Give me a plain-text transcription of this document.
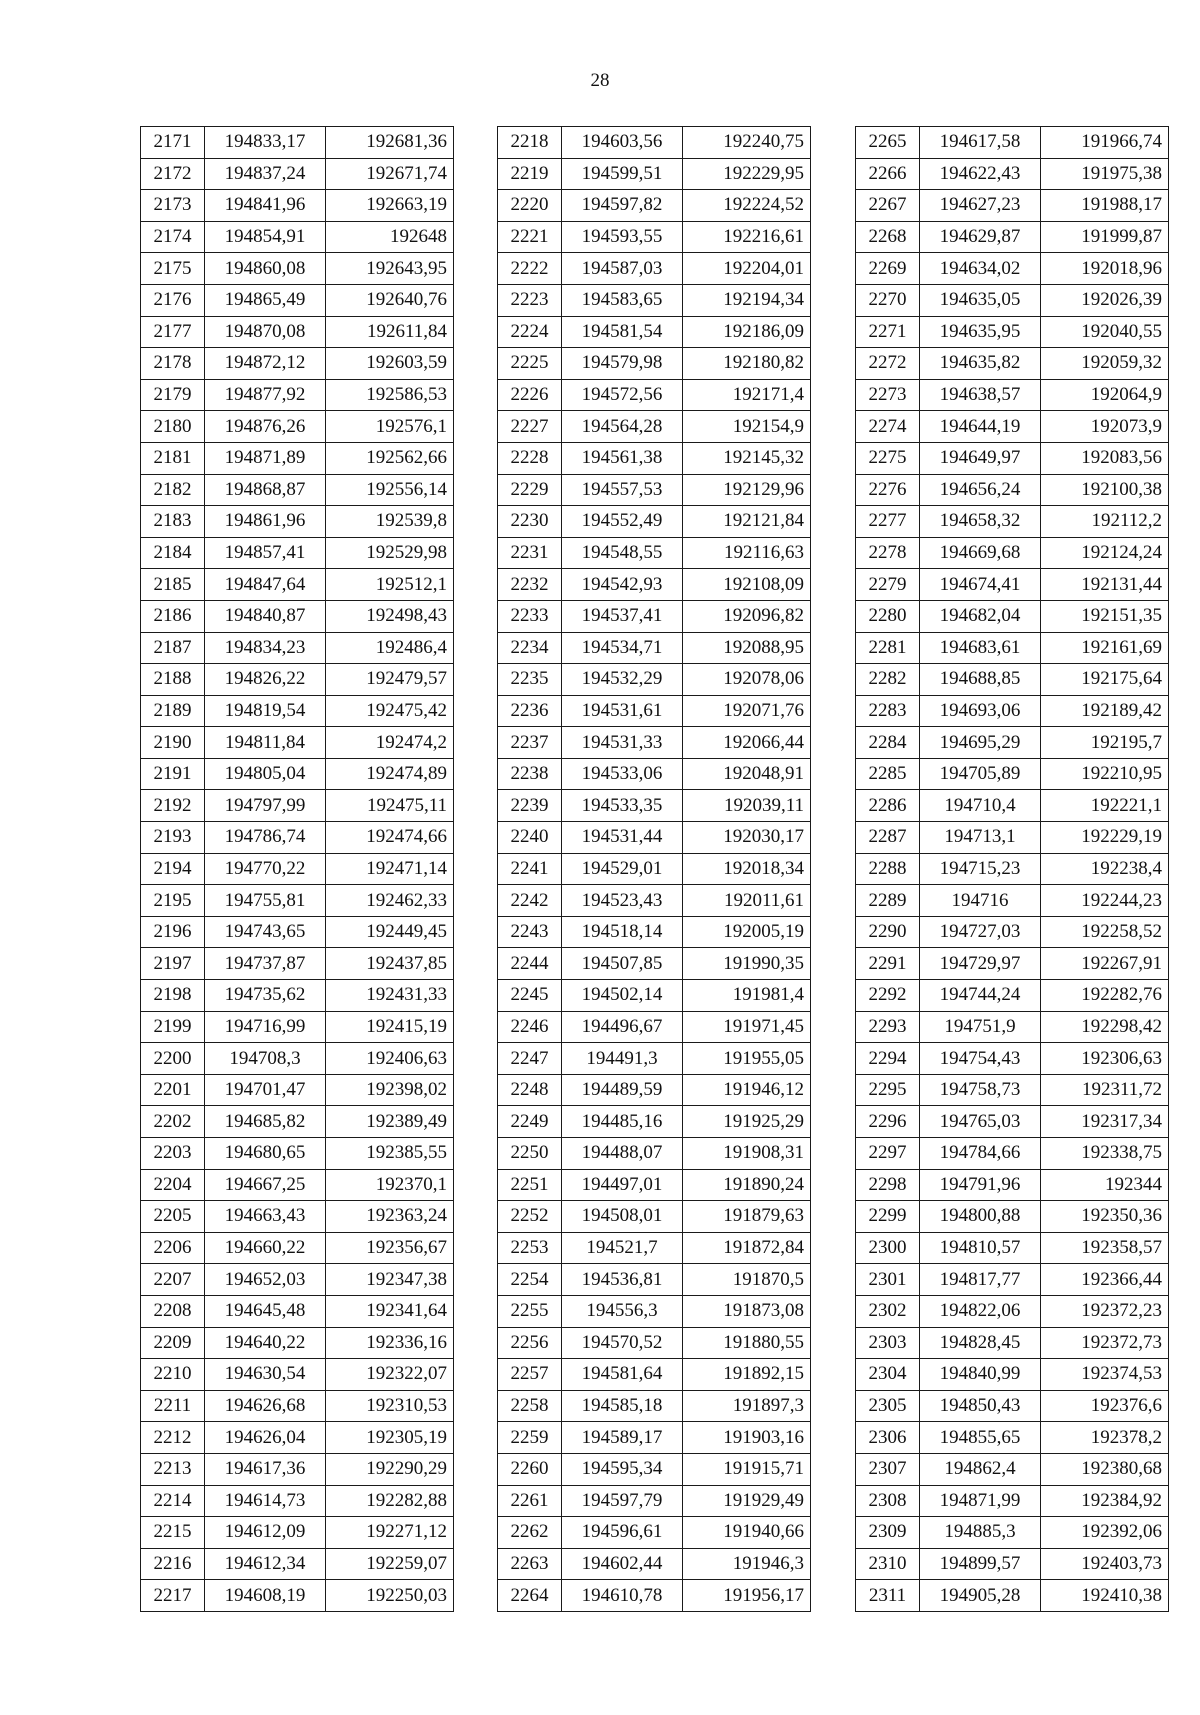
28
2171	194833,17	192681,36
2172	194837,24	192671,74
2173	194841,96	192663,19
2174	194854,91	192648
2175	194860,08	192643,95
2176	194865,49	192640,76
2177	194870,08	192611,84
2178	194872,12	192603,59
2179	194877,92	192586,53
2180	194876,26	192576,1
2181	194871,89	192562,66
2182	194868,87	192556,14
2183	194861,96	192539,8
2184	194857,41	192529,98
2185	194847,64	192512,1
2186	194840,87	192498,43
2187	194834,23	192486,4
2188	194826,22	192479,57
2189	194819,54	192475,42
2190	194811,84	192474,2
2191	194805,04	192474,89
2192	194797,99	192475,11
2193	194786,74	192474,66
2194	194770,22	192471,14
2195	194755,81	192462,33
2196	194743,65	192449,45
2197	194737,87	192437,85
2198	194735,62	192431,33
2199	194716,99	192415,19
2200	194708,3	192406,63
2201	194701,47	192398,02
2202	194685,82	192389,49
2203	194680,65	192385,55
2204	194667,25	192370,1
2205	194663,43	192363,24
2206	194660,22	192356,67
2207	194652,03	192347,38
2208	194645,48	192341,64
2209	194640,22	192336,16
2210	194630,54	192322,07
2211	194626,68	192310,53
2212	194626,04	192305,19
2213	194617,36	192290,29
2214	194614,73	192282,88
2215	194612,09	192271,12
2216	194612,34	192259,07
2217	194608,19	192250,03
2218	194603,56	192240,75
2219	194599,51	192229,95
2220	194597,82	192224,52
2221	194593,55	192216,61
2222	194587,03	192204,01
2223	194583,65	192194,34
2224	194581,54	192186,09
2225	194579,98	192180,82
2226	194572,56	192171,4
2227	194564,28	192154,9
2228	194561,38	192145,32
2229	194557,53	192129,96
2230	194552,49	192121,84
2231	194548,55	192116,63
2232	194542,93	192108,09
2233	194537,41	192096,82
2234	194534,71	192088,95
2235	194532,29	192078,06
2236	194531,61	192071,76
2237	194531,33	192066,44
2238	194533,06	192048,91
2239	194533,35	192039,11
2240	194531,44	192030,17
2241	194529,01	192018,34
2242	194523,43	192011,61
2243	194518,14	192005,19
2244	194507,85	191990,35
2245	194502,14	191981,4
2246	194496,67	191971,45
2247	194491,3	191955,05
2248	194489,59	191946,12
2249	194485,16	191925,29
2250	194488,07	191908,31
2251	194497,01	191890,24
2252	194508,01	191879,63
2253	194521,7	191872,84
2254	194536,81	191870,5
2255	194556,3	191873,08
2256	194570,52	191880,55
2257	194581,64	191892,15
2258	194585,18	191897,3
2259	194589,17	191903,16
2260	194595,34	191915,71
2261	194597,79	191929,49
2262	194596,61	191940,66
2263	194602,44	191946,3
2264	194610,78	191956,17
2265	194617,58	191966,74
2266	194622,43	191975,38
2267	194627,23	191988,17
2268	194629,87	191999,87
2269	194634,02	192018,96
2270	194635,05	192026,39
2271	194635,95	192040,55
2272	194635,82	192059,32
2273	194638,57	192064,9
2274	194644,19	192073,9
2275	194649,97	192083,56
2276	194656,24	192100,38
2277	194658,32	192112,2
2278	194669,68	192124,24
2279	194674,41	192131,44
2280	194682,04	192151,35
2281	194683,61	192161,69
2282	194688,85	192175,64
2283	194693,06	192189,42
2284	194695,29	192195,7
2285	194705,89	192210,95
2286	194710,4	192221,1
2287	194713,1	192229,19
2288	194715,23	192238,4
2289	194716	192244,23
2290	194727,03	192258,52
2291	194729,97	192267,91
2292	194744,24	192282,76
2293	194751,9	192298,42
2294	194754,43	192306,63
2295	194758,73	192311,72
2296	194765,03	192317,34
2297	194784,66	192338,75
2298	194791,96	192344
2299	194800,88	192350,36
2300	194810,57	192358,57
2301	194817,77	192366,44
2302	194822,06	192372,23
2303	194828,45	192372,73
2304	194840,99	192374,53
2305	194850,43	192376,6
2306	194855,65	192378,2
2307	194862,4	192380,68
2308	194871,99	192384,92
2309	194885,3	192392,06
2310	194899,57	192403,73
2311	194905,28	192410,38
